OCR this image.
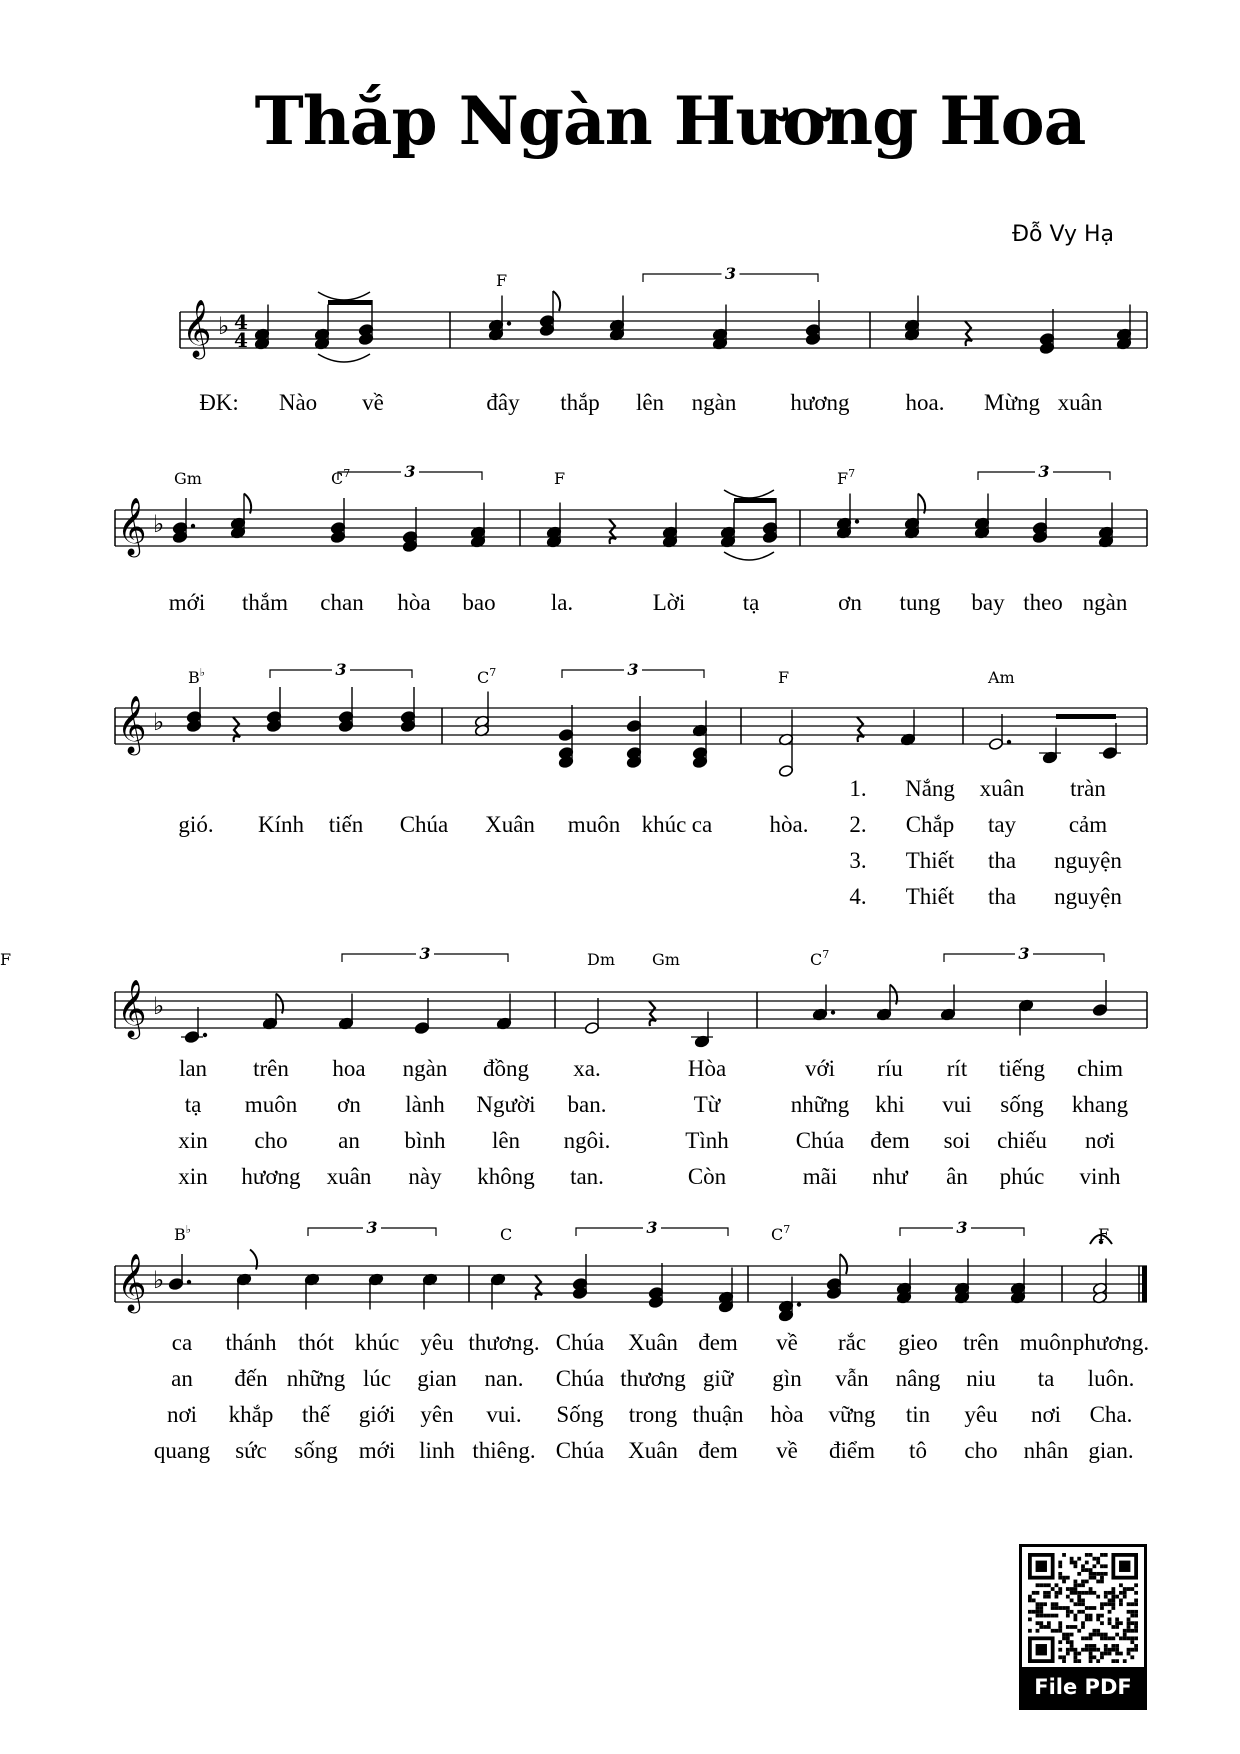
Thắp Ngàn Hương Hoa
Đỗ Vy Hạ
𝄞 ♭ 4
4
𝄞 ♭
𝄞 ♭
𝄞 ♭
𝄞 ♭
3
3	3
3	3
3	3
3	3	3
F
Gm	$C^7$	F	$F^7$
B♭	$C^7$	F	Am
Dm Gm	$C^7$
F
B♭	C	$C^7$	F
ĐK: Nào về	đây thắp lên ngàn hương hoa. Mừng xuân
mới thắm chan hòa bao la.	Lời tạ	ơn tung bay theo ngàn
gió. Kính tiến Chúa Xuân muôn khúc ca hòa.
1. Nắng xuân tràn
2. Chắp tay cảm
3. Thiết tha nguyện
4. Thiết tha nguyện
lan trên hoa ngàn đồng xa.	Hòa	với ríu rít tiếng chim
tạ muôn ơn lành Người ban.	Từ	những khi vui sống khang
xin cho an bình lên ngôi.	Tình	Chúa đem soi chiếu nơi
xin hương xuân này không tan.	Còn	mãi như ân phúc vinh
ca thánh thót khúc yêu thương. Chúa Xuân đem về rắc gieo trên muôn phương.
an đến những lúc gian nan. Chúa thương giữ gìn vẫn nâng niu ta luôn.
nơi khắp thế giới yên vui. Sống trong thuận hòa vững tin yêu nơi Cha.
quang sức sống mới linh thiêng. Chúa Xuân đem về điểm tô cho nhân gian.
File PDF
